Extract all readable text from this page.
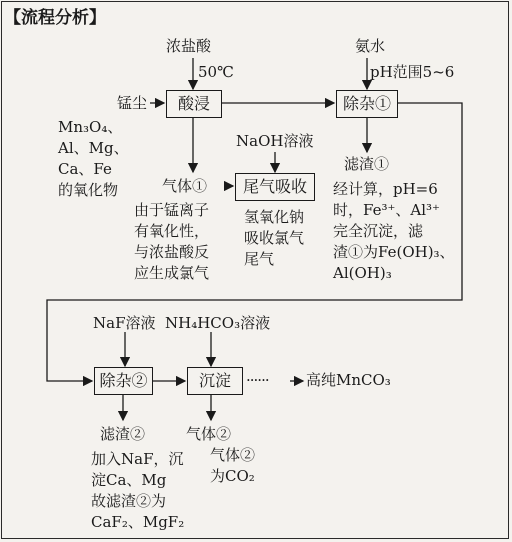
【流程分析】
浓盐酸
50℃
锰尘
Mn₃O₄、
Al、Mg、
Ca、Fe
的氧化物
氨水
pH范围5~6
NaOH溶液
酸浸	除杂①
尾气吸收
除杂②	沉淀
气体①
由于锰离子
有氧化性，
与浓盐酸反
应生成氯气
氢氧化钠
吸收氯气
尾气
滤渣①
经计算，pH=6
时，Fe³⁺、Al³⁺
完全沉淀，滤
渣①为Fe(OH)₃、
Al(OH)₃
NaF溶液 NH₄HCO₃溶液
······ 高纯MnCO₃
滤渣②
加入NaF，沉
淀Ca、Mg
故滤渣②为
CaF₂、MgF₂
气体②
气体②
为CO₂
